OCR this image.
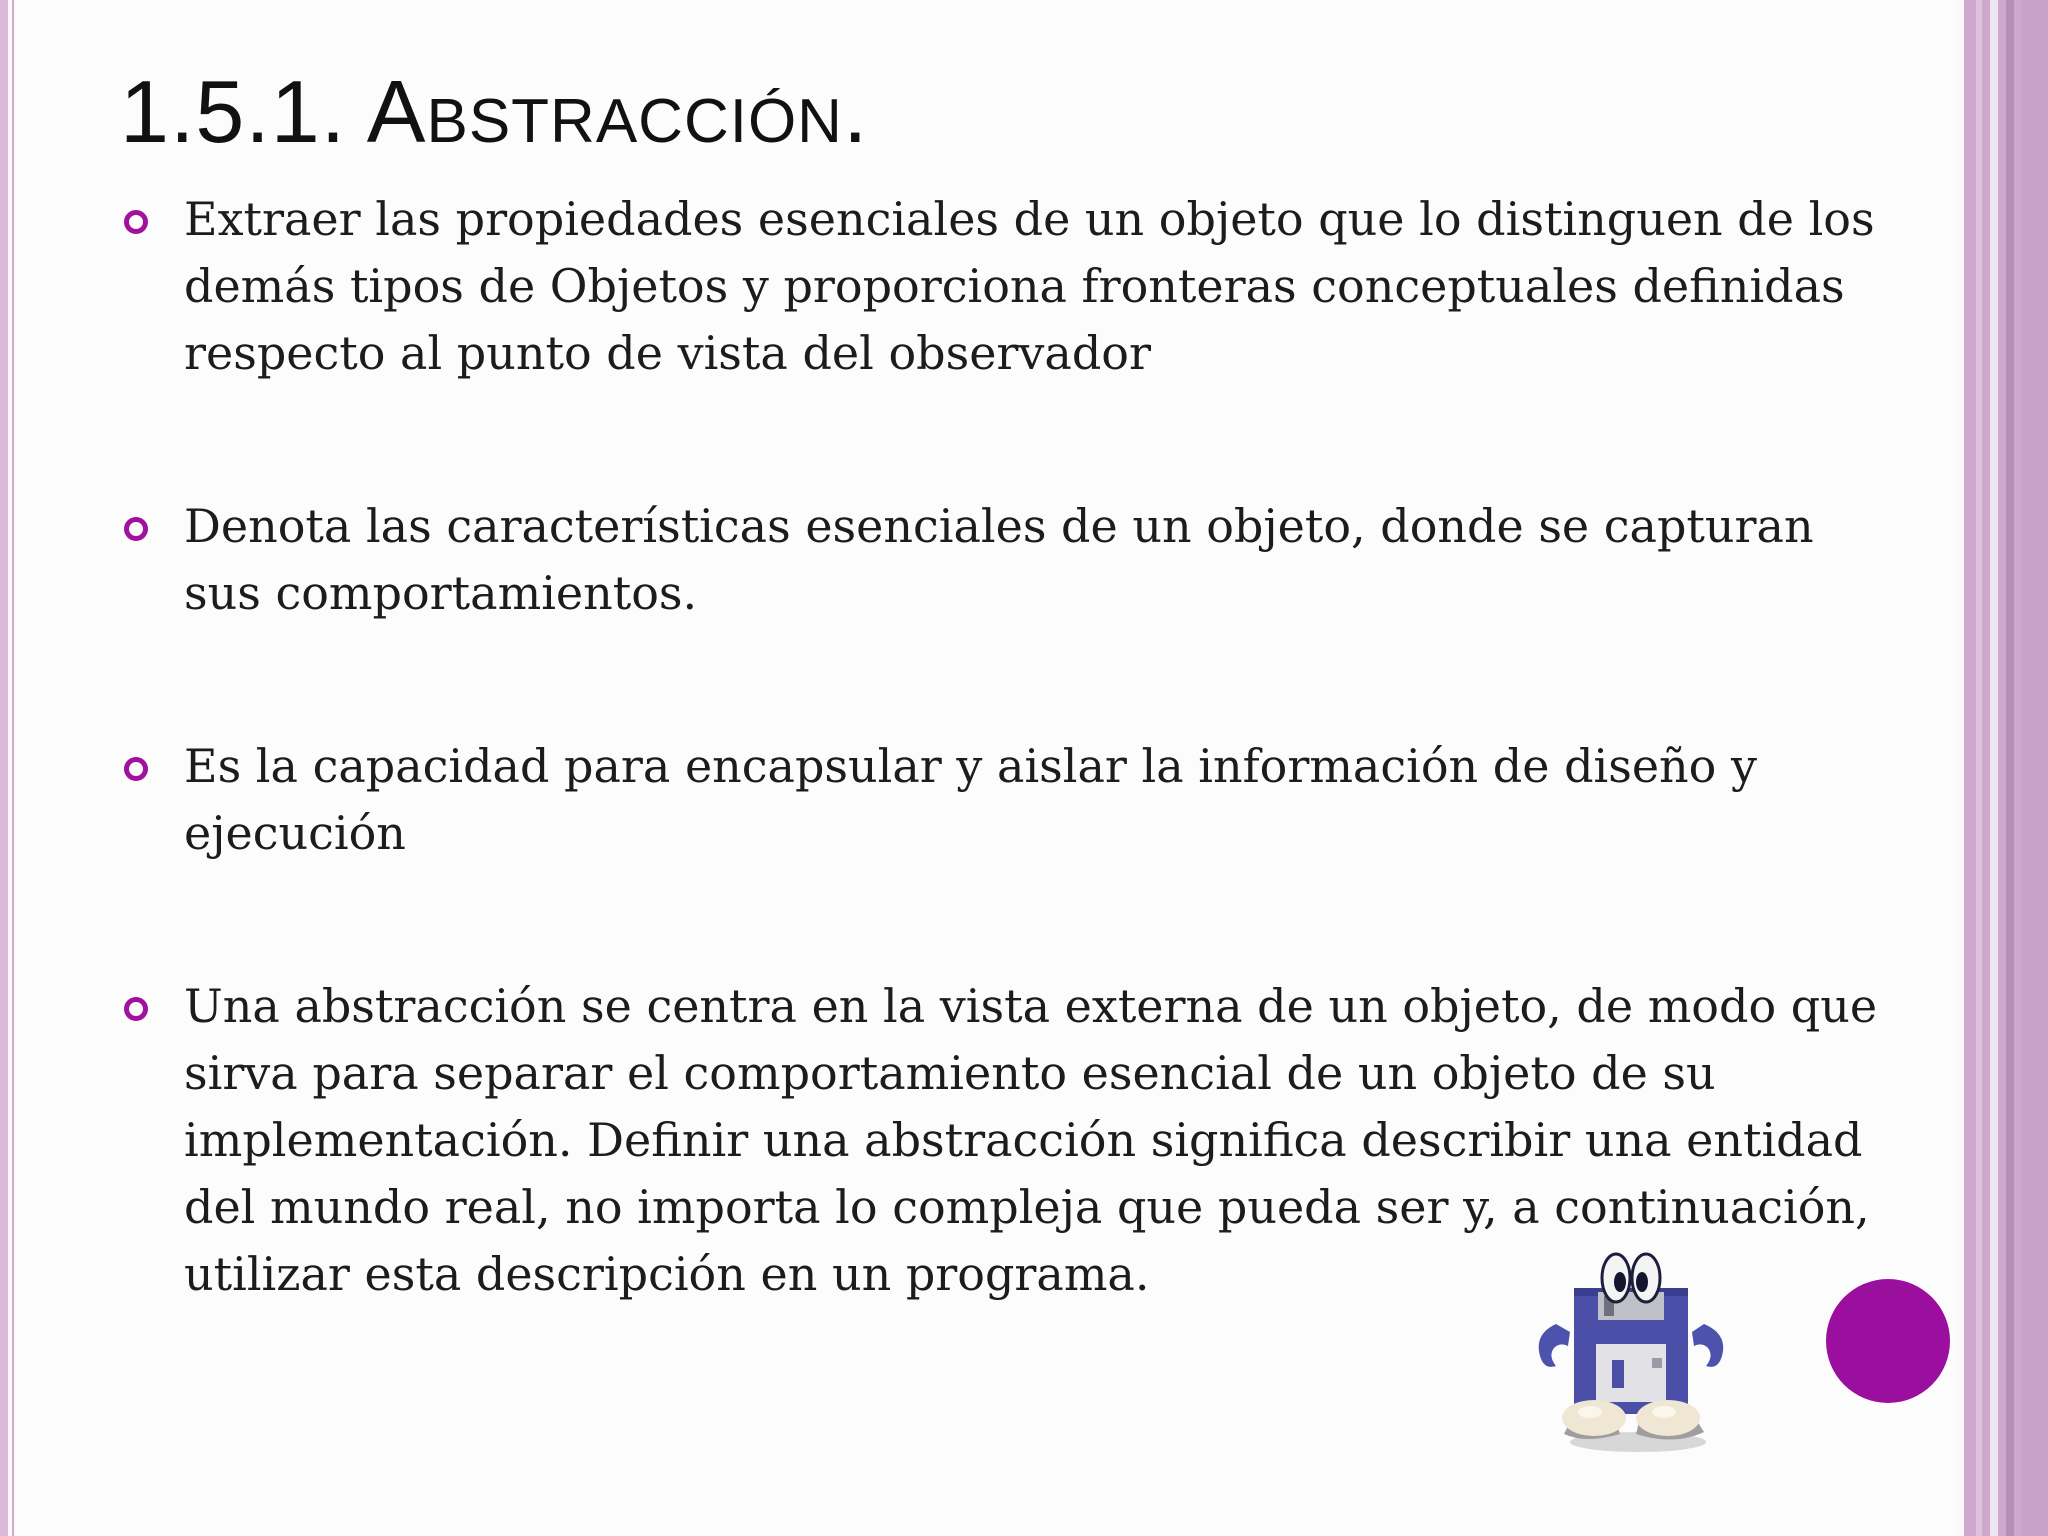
1.5.1. Abstracción.
Extraer las propiedades esenciales de un objeto que lo distinguen de los demás tipos de Objetos y proporciona fronteras conceptuales definidas respecto al punto de vista del observador
Denota las características esenciales de un objeto, donde se capturan sus comportamientos.
Es la capacidad para encapsular y aislar la información de diseño y ejecución
Una abstracción se centra en la vista externa de un objeto, de modo que sirva para separar el comportamiento esencial de un objeto de su implementación. Definir una abstracción significa describir una entidad del mundo real, no importa lo compleja que pueda ser y, a continuación, utilizar esta descripción en un programa.
